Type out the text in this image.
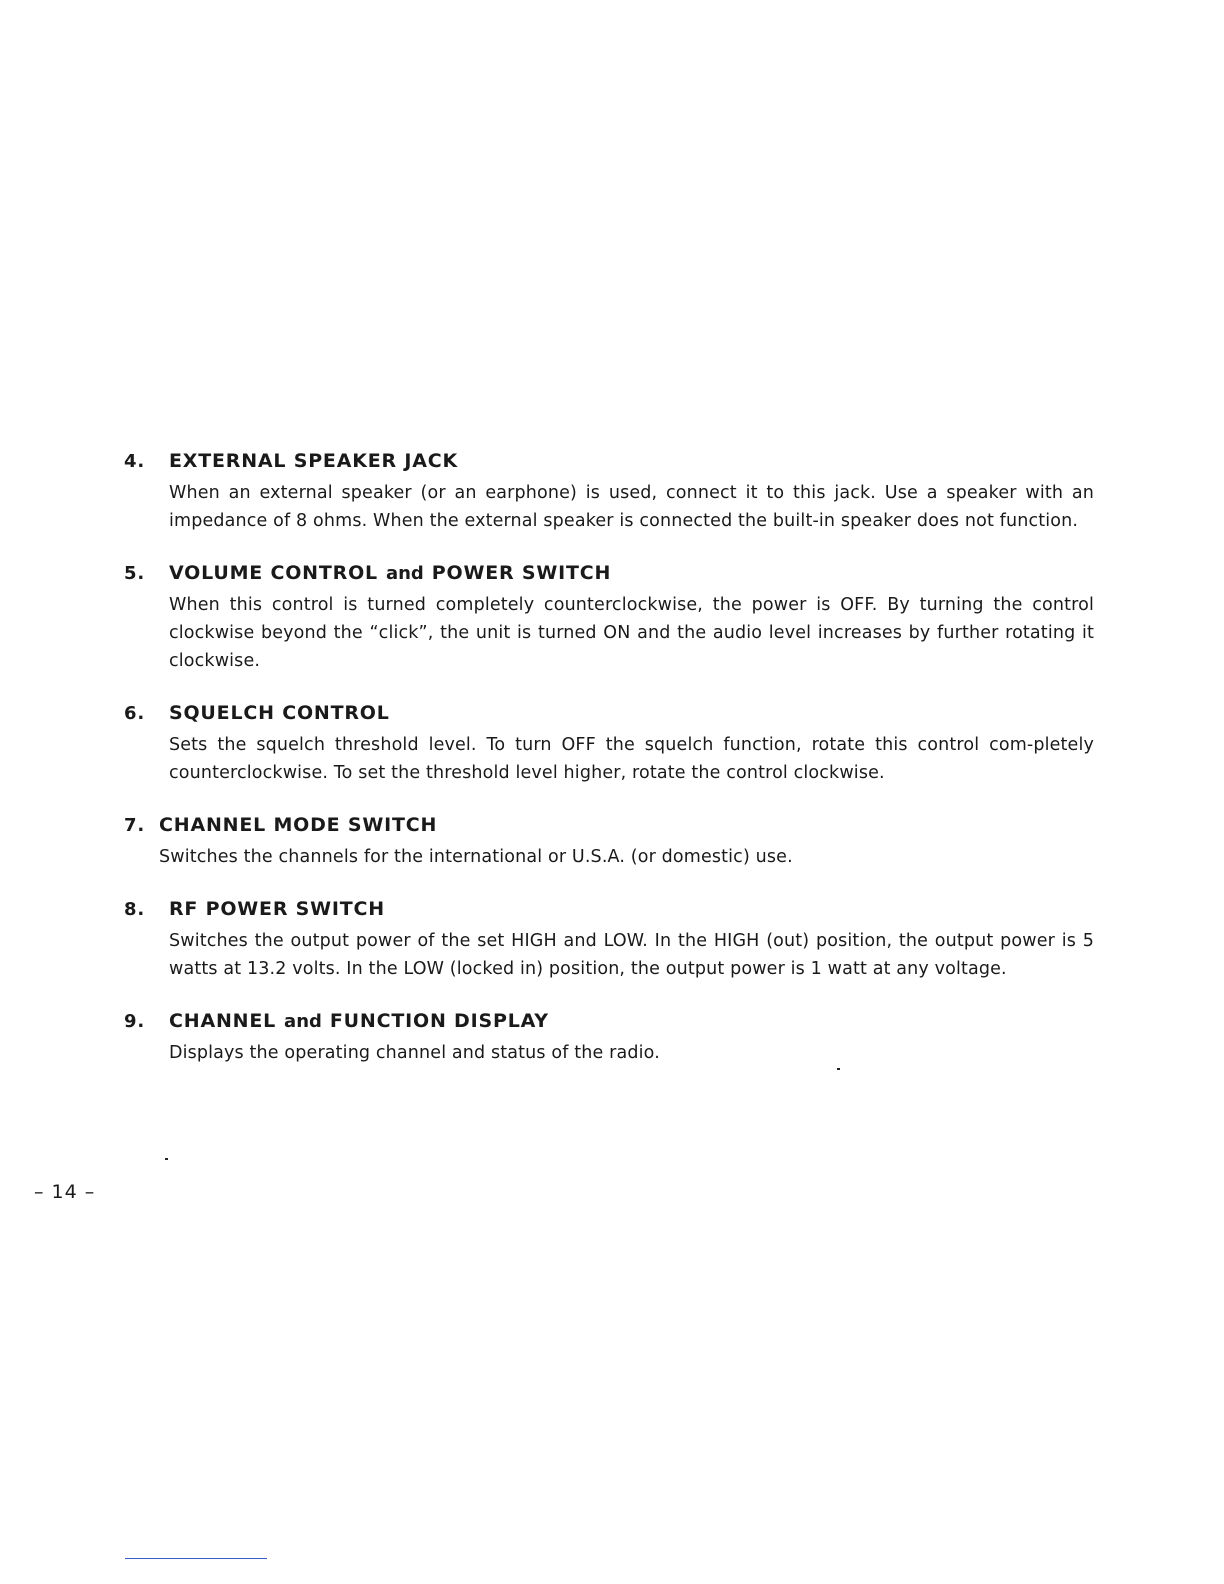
4.	EXTERNAL SPEAKER JACK
When an external speaker (or an earphone) is used, connect it to this jack. Use a speaker with an impedance of 8 ohms. When the external speaker is connected the built-in speaker does not function.
5.	VOLUME CONTROL and POWER SWITCH
When this control is turned completely counterclockwise, the power is OFF. By turning the control clockwise beyond the “click”, the unit is turned ON and the audio level increases by further rotating it clockwise.
6.	SQUELCH CONTROL
Sets the squelch threshold level. To turn OFF the squelch function, rotate this control com-pletely counterclockwise. To set the threshold level higher, rotate the control clockwise.
7. CHANNEL MODE SWITCH
Switches the channels for the international or U.S.A. (or domestic) use.
8.	RF POWER SWITCH
Switches the output power of the set HIGH and LOW. In the HIGH (out) position, the output power is 5 watts at 13.2 volts. In the LOW (locked in) position, the output power is 1 watt at any voltage.
9.	CHANNEL and FUNCTION DISPLAY
Displays the operating channel and status of the radio.
– 14 –
